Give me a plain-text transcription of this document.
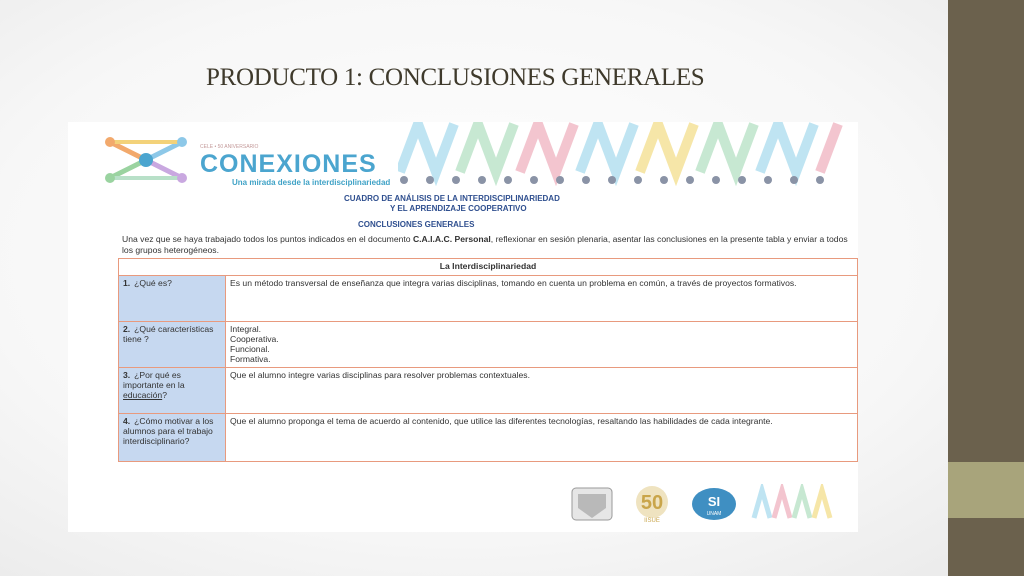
PRODUCTO 1: CONCLUSIONES GENERALES
CELE • 50 ANIVERSARIO
CONEXIONES
Una mirada desde la interdisciplinariedad
CUADRO DE ANÁLISIS DE LA INTERDISCIPLINARIEDAD
Y EL APRENDIZAJE COOPERATIVO
CONCLUSIONES GENERALES
Una vez que se haya trabajado todos los puntos indicados en el documento C.A.I.A.C. Personal, reflexionar en sesión plenaria, asentar las conclusiones en la presente tabla y enviar a todos los grupos heterogéneos.
La Interdisciplinariedad	
1. ¿Qué es?	Es un método transversal de enseñanza que integra varias disciplinas, tomando en cuenta un problema en común, a través de proyectos formativos.
2. ¿Qué características tiene ?	Integral.
Cooperativa.
Funcional.
Formativa.

3. ¿Por qué es importante en la educación?	Que el alumno integre varias disciplinas para resolver problemas contextuales.
4. ¿Cómo motivar a los alumnos para el trabajo interdisciplinario?	Que el alumno proponga el tema de acuerdo al contenido, que utilice las diferentes tecnologías, resaltando las habilidades de cada integrante.
50
IISUE
SI
UNAM
